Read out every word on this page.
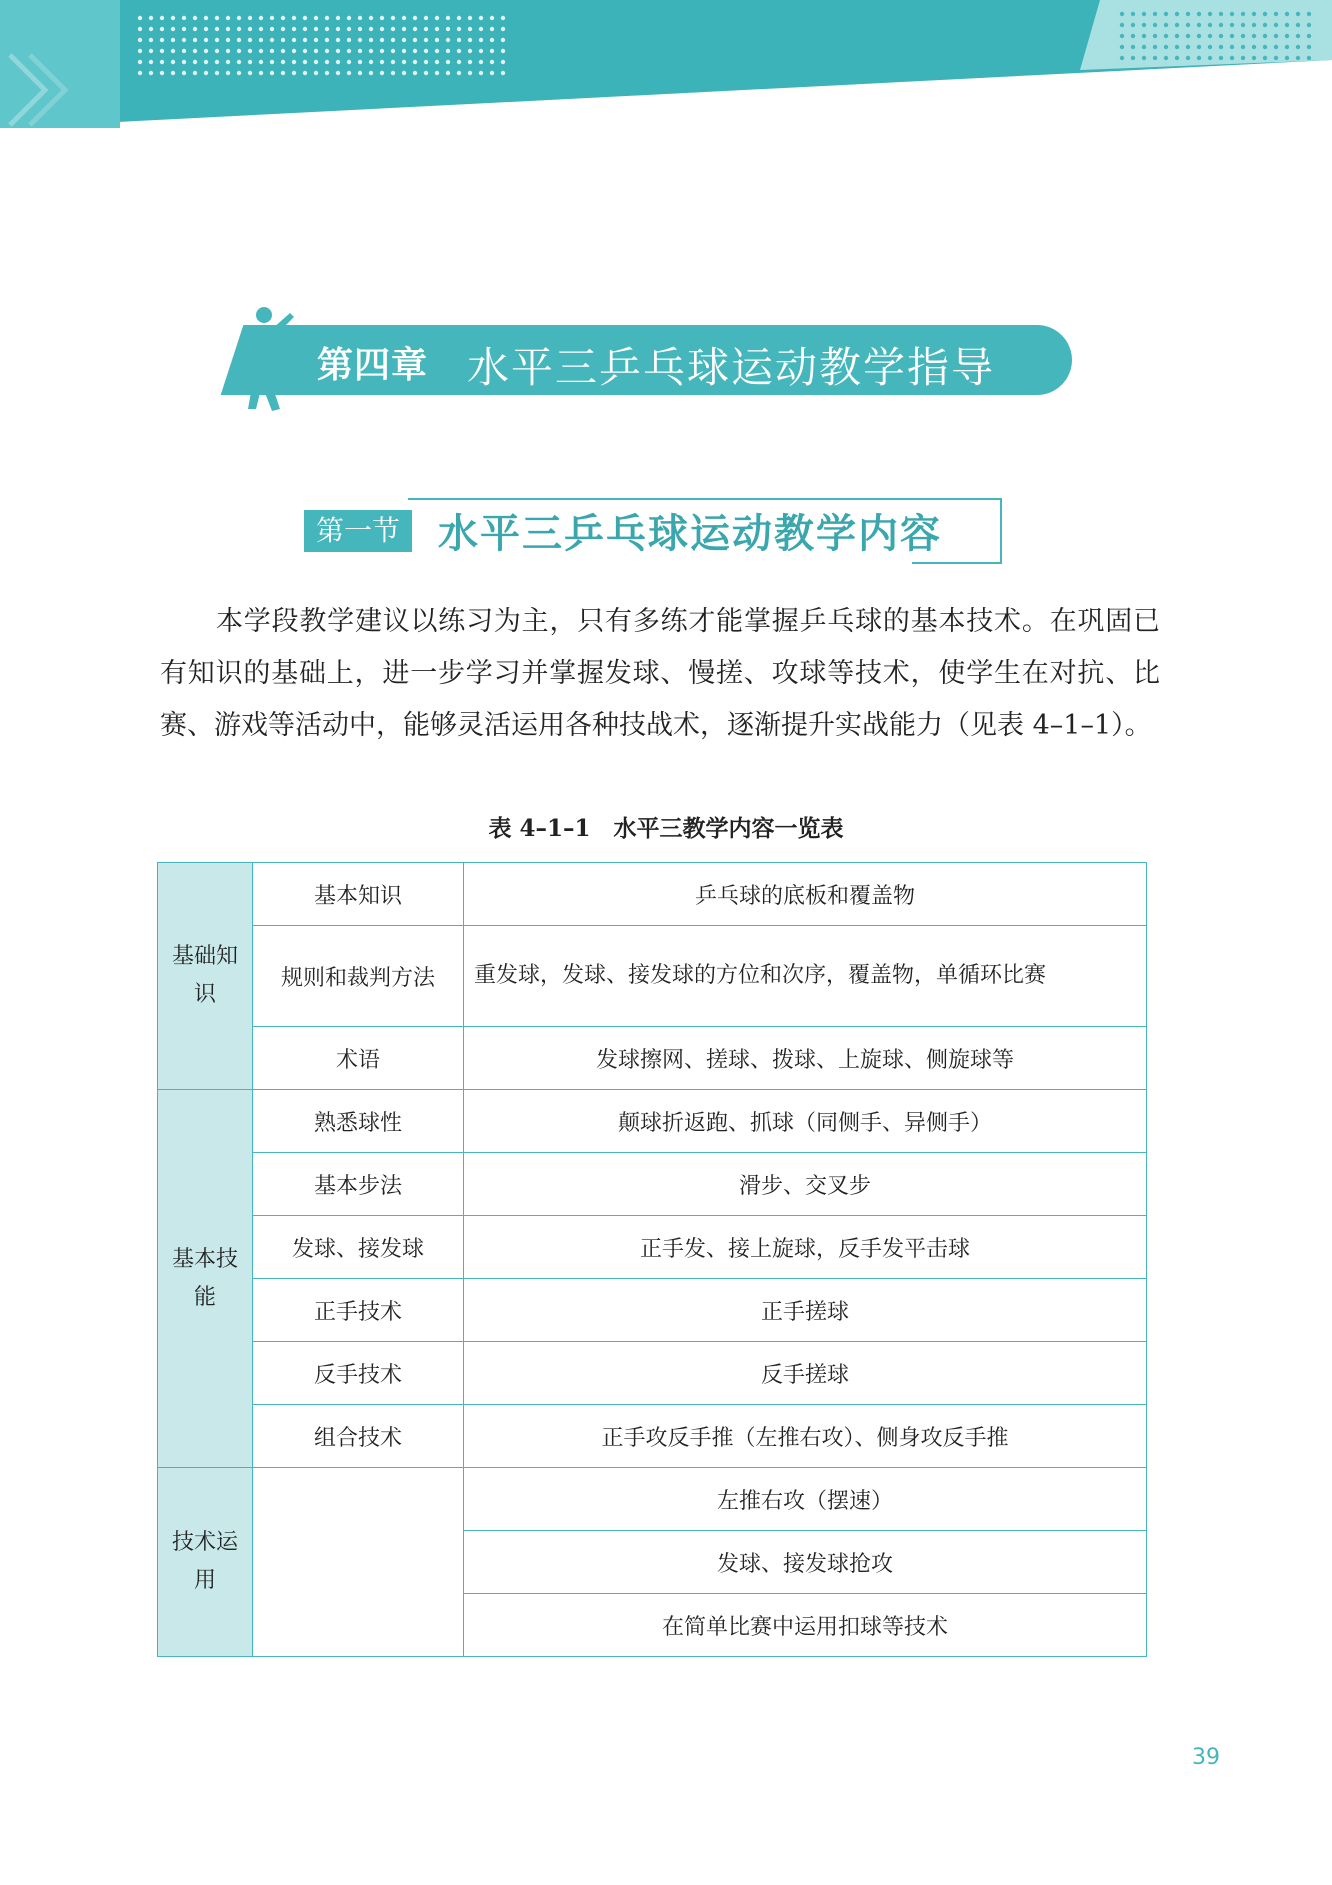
第四章 水平三乒乓球运动教学指导
第一节 水平三乒乓球运动教学内容
本学段教学建议以练习为主，只有多练才能掌握乒乓球的基本技术。在巩固已有知识的基础上，进一步学习并掌握发球、慢搓、攻球等技术，使学生在对抗、比赛、游戏等活动中，能够灵活运用各种技战术，逐渐提升实战能力（见表 4–1–1）。
表 4–1–1　水平三教学内容一览表
基础知识	基本知识	乒乓球的底板和覆盖物
	规则和裁判方法	重发球，发球、接发球的方位和次序，覆盖物，单循环比赛
	术语	发球擦网、搓球、拨球、上旋球、侧旋球等
基本技能	熟悉球性	颠球折返跑、抓球（同侧手、异侧手）
	基本步法	滑步、交叉步
	发球、接发球	正手发、接上旋球，反手发平击球
	正手技术	正手搓球
	反手技术	反手搓球
	组合技术	正手攻反手推（左推右攻）、侧身攻反手推
技术运用		左推右攻（摆速）
		发球、接发球抢攻
		在简单比赛中运用扣球等技术
39
